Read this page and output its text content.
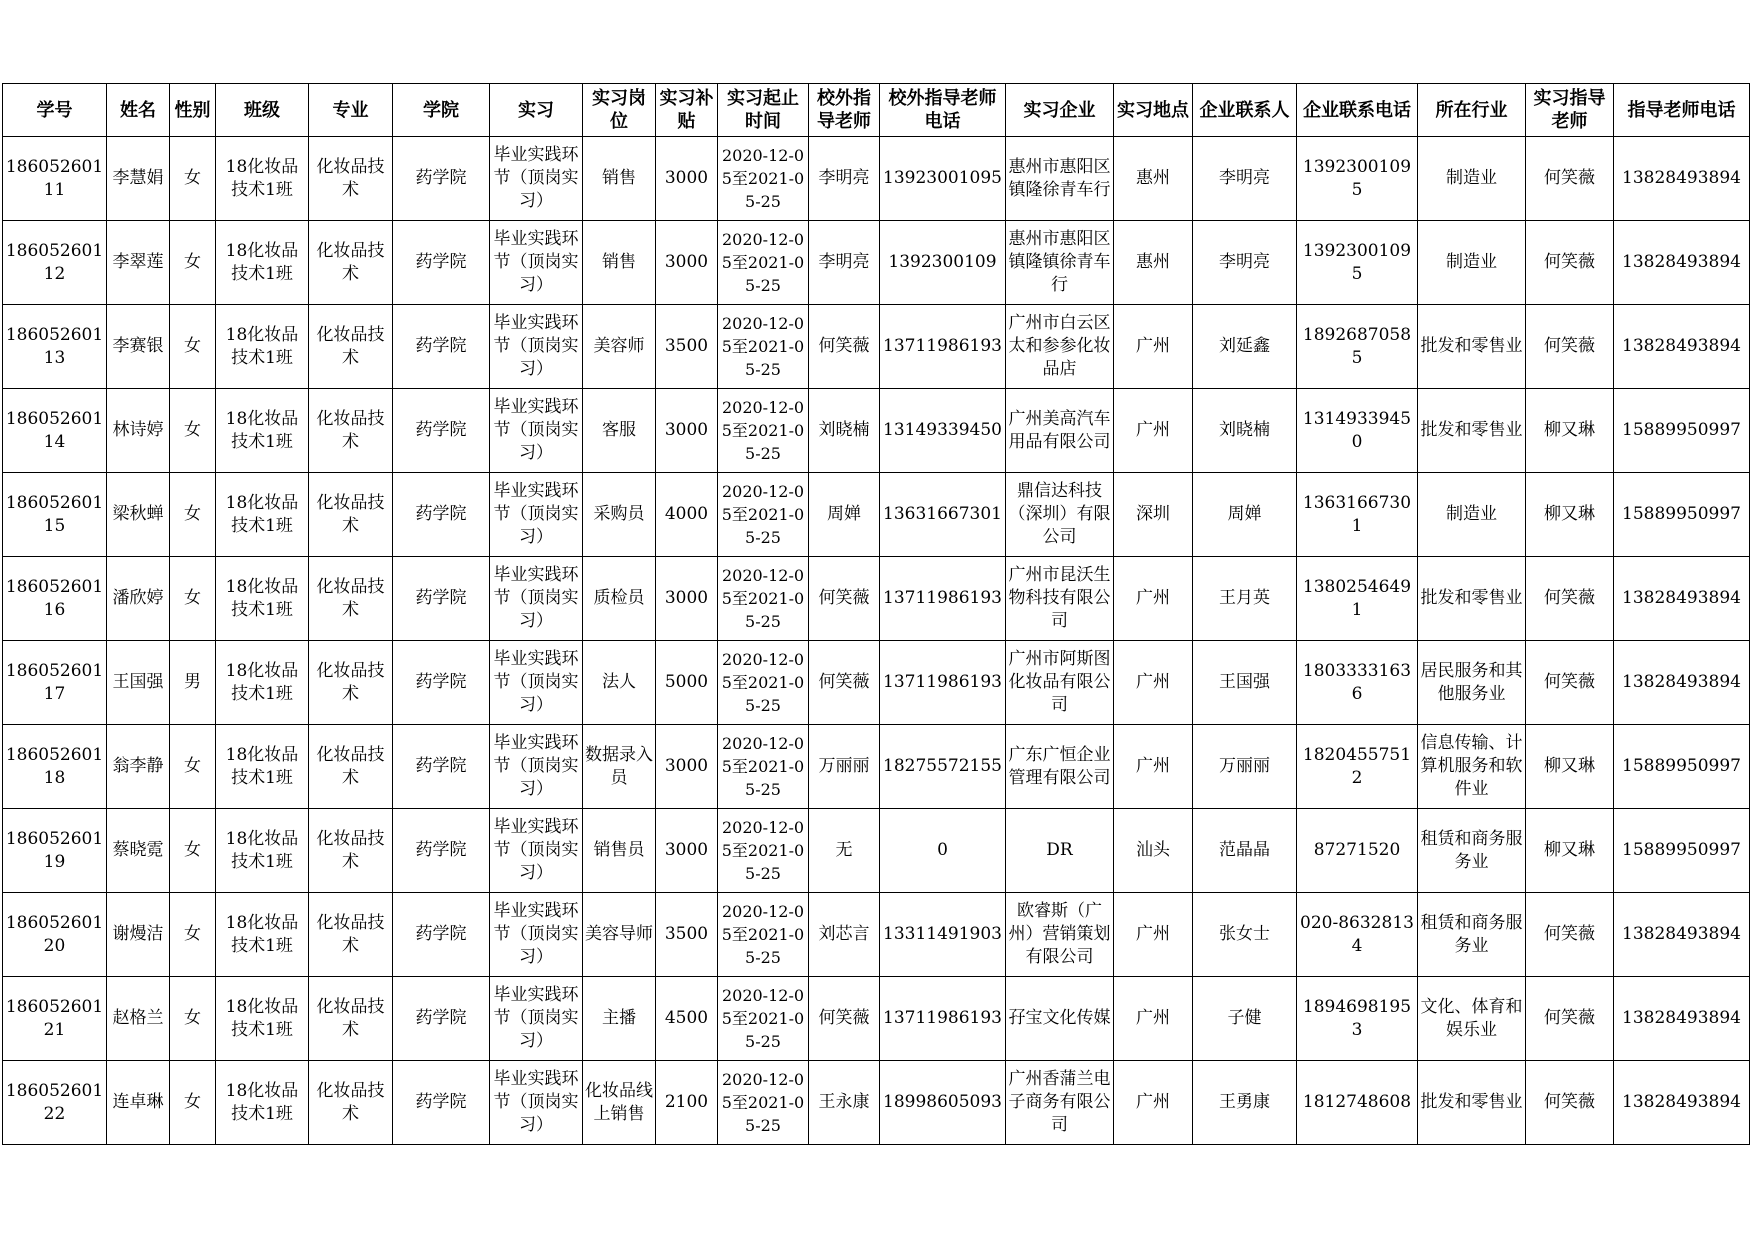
学号	姓名	性别	班级	专业	学院	实习	实习岗位	实习补贴	实习起止时间	校外指导老师	校外指导老师电话	实习企业	实习地点	企业联系人	企业联系电话	所在行业	实习指导老师	指导老师电话

18605260111	李慧娟	女	18化妆品技术1班	化妆品技术	药学院	毕业实践环节（顶岗实习）	销售	3000	2020-12-05至2021-05-25	李明亮	13923001095	惠州市惠阳区镇隆徐青车行	惠州	李明亮	13923001095	制造业	何笑薇	13828493894

18605260112	李翠莲	女	18化妆品技术1班	化妆品技术	药学院	毕业实践环节（顶岗实习）	销售	3000	2020-12-05至2021-05-25	李明亮	1392300109	惠州市惠阳区镇隆镇徐青车行	惠州	李明亮	13923001095	制造业	何笑薇	13828493894

18605260113	李赛银	女	18化妆品技术1班	化妆品技术	药学院	毕业实践环节（顶岗实习）	美容师	3500	2020-12-05至2021-05-25	何笑薇	13711986193	广州市白云区太和参参化妆品店	广州	刘延鑫	18926870585	批发和零售业	何笑薇	13828493894

18605260114	林诗婷	女	18化妆品技术1班	化妆品技术	药学院	毕业实践环节（顶岗实习）	客服	3000	2020-12-05至2021-05-25	刘晓楠	13149339450	广州美高汽车用品有限公司	广州	刘晓楠	13149339450	批发和零售业	柳又琳	15889950997

18605260115	梁秋蝉	女	18化妆品技术1班	化妆品技术	药学院	毕业实践环节（顶岗实习）	采购员	4000	2020-12-05至2021-05-25	周婵	13631667301	鼎信达科技（深圳）有限公司	深圳	周婵	13631667301	制造业	柳又琳	15889950997

18605260116	潘欣婷	女	18化妆品技术1班	化妆品技术	药学院	毕业实践环节（顶岗实习）	质检员	3000	2020-12-05至2021-05-25	何笑薇	13711986193	广州市昆沃生物科技有限公司	广州	王月英	13802546491	批发和零售业	何笑薇	13828493894

18605260117	王国强	男	18化妆品技术1班	化妆品技术	药学院	毕业实践环节（顶岗实习）	法人	5000	2020-12-05至2021-05-25	何笑薇	13711986193	广州市阿斯图化妆品有限公司	广州	王国强	18033331636	居民服务和其他服务业	何笑薇	13828493894

18605260118	翁李静	女	18化妆品技术1班	化妆品技术	药学院	毕业实践环节（顶岗实习）	数据录入员	3000	2020-12-05至2021-05-25	万丽丽	18275572155	广东广恒企业管理有限公司	广州	万丽丽	18204557512	信息传输、计算机服务和软件业	柳又琳	15889950997

18605260119	蔡晓霓	女	18化妆品技术1班	化妆品技术	药学院	毕业实践环节（顶岗实习）	销售员	3000	2020-12-05至2021-05-25	无	0	DR	汕头	范晶晶	87271520	租赁和商务服务业	柳又琳	15889950997

18605260120	谢熳洁	女	18化妆品技术1班	化妆品技术	药学院	毕业实践环节（顶岗实习）	美容导师	3500	2020-12-05至2021-05-25	刘芯言	13311491903	欧睿斯（广州）营销策划有限公司	广州	张女士	020-86328134	租赁和商务服务业	何笑薇	13828493894

18605260121	赵格兰	女	18化妆品技术1班	化妆品技术	药学院	毕业实践环节（顶岗实习）	主播	4500	2020-12-05至2021-05-25	何笑薇	13711986193	孖宝文化传媒	广州	子健	18946981953	文化、体育和娱乐业	何笑薇	13828493894

18605260122	连卓琳	女	18化妆品技术1班	化妆品技术	药学院	毕业实践环节（顶岗实习）	化妆品线上销售	2100	2020-12-05至2021-05-25	王永康	18998605093	广州香蒲兰电子商务有限公司	广州	王勇康	1812748608	批发和零售业	何笑薇	13828493894
